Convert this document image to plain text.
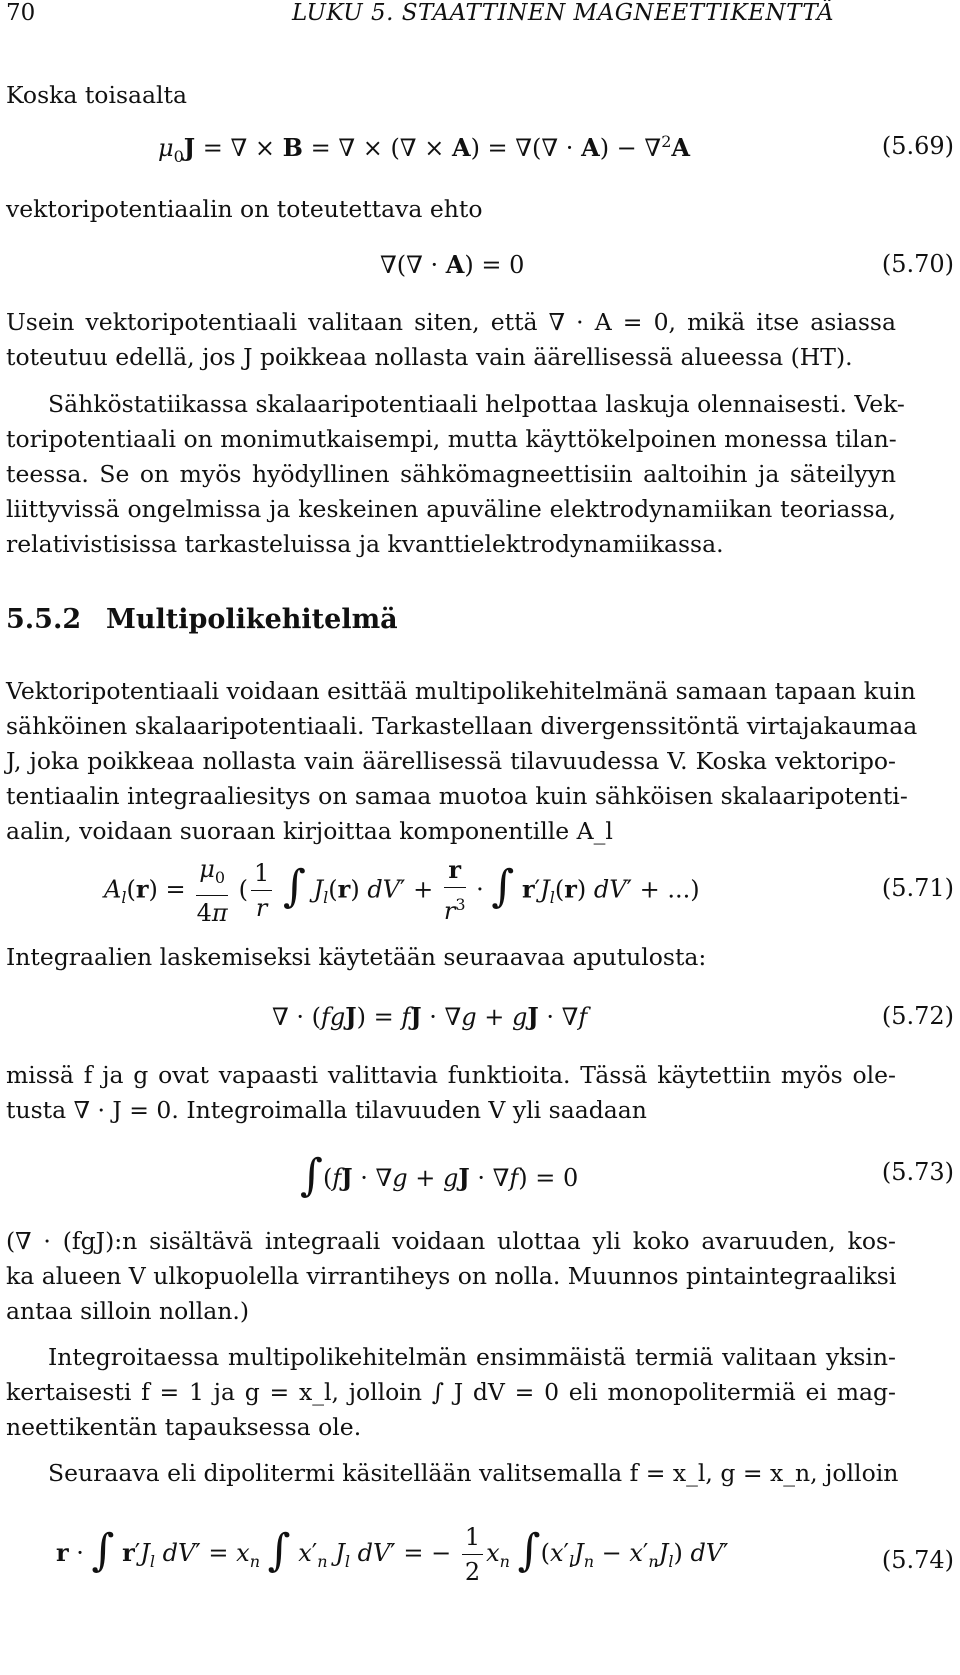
70	LUKU 5. STAATTINEN MAGNEETTIKENTTÄ
Koska toisaalta
$\mu_0J$ = ∇ × B = ∇ × (∇ × A) = ∇(∇ · A) − ∇$^2$A	(5.69)
vektoripotentiaalin on toteutettava ehto
∇(∇ · A) = 0	(5.70)
Usein vektoripotentiaali valitaan siten, että ∇ · A = 0, mikä itse asiassa
toteutuu edellä, jos J poikkeaa nollasta vain äärellisessä alueessa (HT).
Sähköstatiikassa skalaaripotentiaali helpottaa laskuja olennaisesti. Vek-
toripotentiaali on monimutkaisempi, mutta käyttökelpoinen monessa tilan-
teessa. Se on myös hyödyllinen sähkömagneettisiin aaltoihin ja säteilyyn
liittyvissä ongelmissa ja keskeinen apuväline elektrodynamiikan teoriassa,
relativistisissa tarkasteluissa ja kvanttielektrodynamiikassa.
5.5.2 Multipolikehitelmä
Vektoripotentiaali voidaan esittää multipolikehitelmänä samaan tapaan kuin
sähköinen skalaaripotentiaali. Tarkastellaan divergenssitöntä virtajakaumaa
J, joka poikkeaa nollasta vain äärellisessä tilavuudessa V. Koska vektoripo-
tentiaalin integraaliesitys on samaa muotoa kuin sähköisen skalaaripotenti-
aalin, voidaan suoraan kirjoittaa komponentille A_l
$A_l(r) = \frac{\mu_0}{4\pi}$ ( $\frac{1}{r}$ ∫ $J_l(r) dV' + \frac{r}{r^3}$ · ∫ $r'J_l(r) dV'$ + ...)	(5.71)
Integraalien laskemiseksi käytetään seuraavaa aputulosta:
∇ · (fgJ) = fJ · ∇g + gJ · ∇f	(5.72)
missä f ja g ovat vapaasti valittavia funktioita. Tässä käytettiin myös ole-
tusta ∇ · J = 0. Integroimalla tilavuuden V yli saadaan
∫(fJ · ∇g + gJ · ∇f) = 0	(5.73)
(∇ · (fgJ):n sisältävä integraali voidaan ulottaa yli koko avaruuden, kos-
ka alueen V ulkopuolella virrantiheys on nolla. Muunnos pintaintegraaliksi
antaa silloin nollan.)
Integroitaessa multipolikehitelmän ensimmäistä termiä valitaan yksin-
kertaisesti f = 1 ja g = x_l, jolloin ∫ J dV = 0 eli monopolitermiä ei mag-
neettikentän tapauksessa ole.
Seuraava eli dipolitermi käsitellään valitsemalla f = x_l, g = x_n, jolloin
r · ∫ $r'J_l$ $dV' = x_n$ ∫ $x'_n$ $J_l$ dV′ = − $\frac{1}{2} x_n$ $\int(x'_lJ_n - x'_nJ_l)$ dV′	(5.74)
